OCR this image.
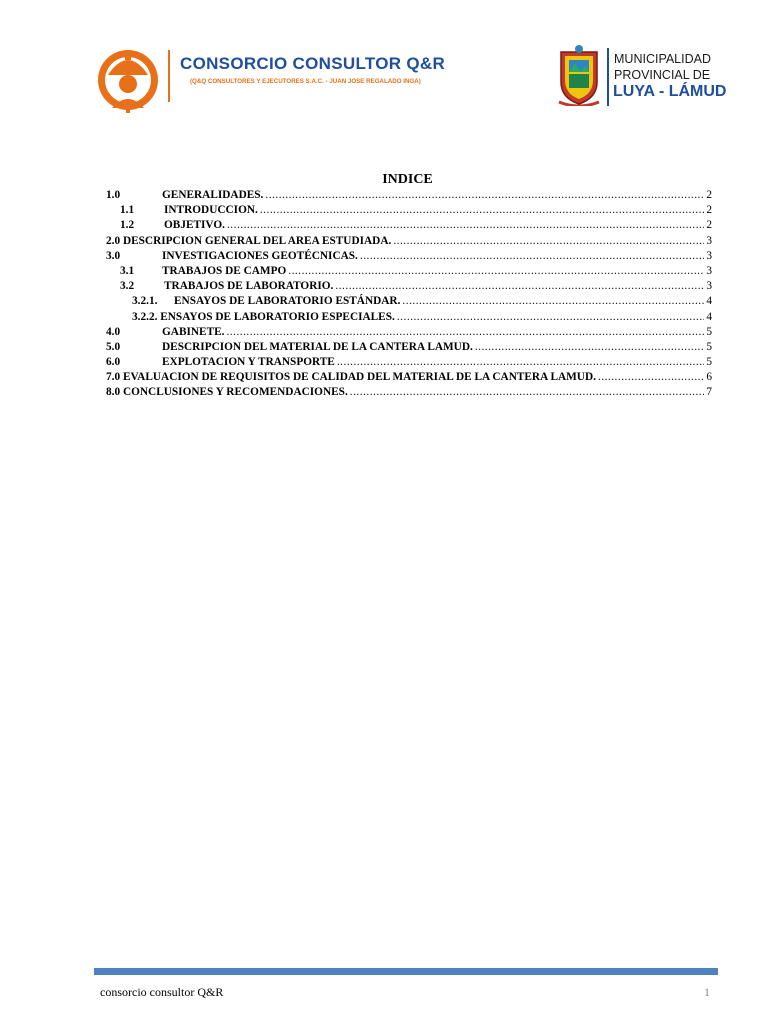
CONSORCIO CONSULTOR Q&R
(Q&Q CONSULTORES Y EJECUTORES S.A.C. - JUAN JOSE REGALADO INGA)
MUNICIPALIDAD
PROVINCIAL DE
LUYA - LÁMUD
INDICE
1.0	GENERALIDADES. .....	2
1.1	INTRODUCCION. .....	2
1.2	OBJETIVO. .....	2
2.0 DESCRIPCION GENERAL DEL AREA ESTUDIADA. .....	3
3.0	INVESTIGACIONES GEOTÉCNICAS. .....	3
3.1	TRABAJOS DE CAMPO .....	3
3.2	TRABAJOS DE LABORATORIO. .....	3
3.2.1.	ENSAYOS DE LABORATORIO ESTÁNDAR. .....	4
3.2.2. ENSAYOS DE LABORATORIO ESPECIALES. .....	4
4.0	GABINETE. .....	5
5.0	DESCRIPCION DEL MATERIAL DE LA CANTERA LAMUD. .....	5
6.0	EXPLOTACION Y TRANSPORTE .....	5
7.0 EVALUACION DE REQUISITOS DE CALIDAD DEL MATERIAL DE LA CANTERA LAMUD. .....	6
8.0 CONCLUSIONES Y RECOMENDACIONES. .....	7
consorcio consultor Q&R	1
